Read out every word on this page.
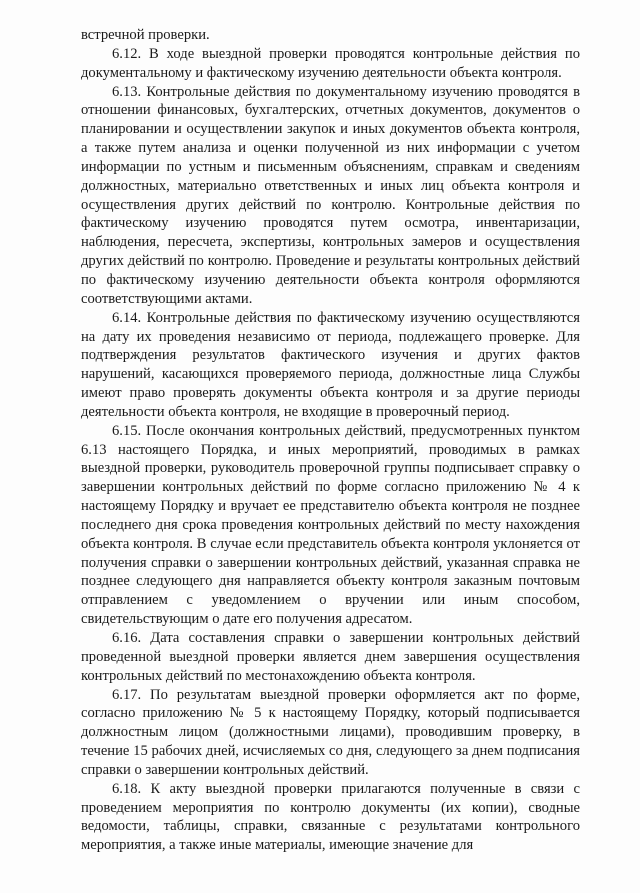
встречной проверки.

6.12. В ходе выездной проверки проводятся контрольные действия по документальному и фактическому изучению деятельности объекта контроля.

6.13. Контрольные действия по документальному изучению проводятся в отношении финансовых, бухгалтерских, отчетных документов, документов о планировании и осуществлении закупок и иных документов объекта контроля, а также путем анализа и оценки полученной из них информации с учетом информации по устным и письменным объяснениям, справкам и сведениям должностных, материально ответственных и иных лиц объекта контроля и осуществления других действий по контролю. Контрольные действия по фактическому изучению проводятся путем осмотра, инвентаризации, наблюдения, пересчета, экспертизы, контрольных замеров и осуществления других действий по контролю. Проведение и результаты контрольных действий по фактическому изучению деятельности объекта контроля оформляются соответствующими актами.

6.14. Контрольные действия по фактическому изучению осуществляются на дату их проведения независимо от периода, подлежащего проверке. Для подтверждения результатов фактического изучения и других фактов нарушений, касающихся проверяемого периода, должностные лица Службы имеют право проверять документы объекта контроля и за другие периоды деятельности объекта контроля, не входящие в проверочный период.

6.15. После окончания контрольных действий, предусмотренных пунктом 6.13 настоящего Порядка, и иных мероприятий, проводимых в рамках выездной проверки, руководитель проверочной группы подписывает справку о завершении контрольных действий по форме согласно приложению № 4 к настоящему Порядку и вручает ее представителю объекта контроля не позднее последнего дня срока проведения контрольных действий по месту нахождения объекта контроля. В случае если представитель объекта контроля уклоняется от получения справки о завершении контрольных действий, указанная справка не позднее следующего дня направляется объекту контроля заказным почтовым отправлением с уведомлением о вручении или иным способом, свидетельствующим о дате его получения адресатом.

6.16. Дата составления справки о завершении контрольных действий проведенной выездной проверки является днем завершения осуществления контрольных действий по местонахождению объекта контроля.

6.17. По результатам выездной проверки оформляется акт по форме, согласно приложению № 5 к настоящему Порядку, который подписывается должностным лицом (должностными лицами), проводившим проверку, в течение 15 рабочих дней, исчисляемых со дня, следующего за днем подписания справки о завершении контрольных действий.

6.18. К акту выездной проверки прилагаются полученные в связи с проведением мероприятия по контролю документы (их копии), сводные ведомости, таблицы, справки, связанные с результатами контрольного мероприятия, а также иные материалы, имеющие значение для
